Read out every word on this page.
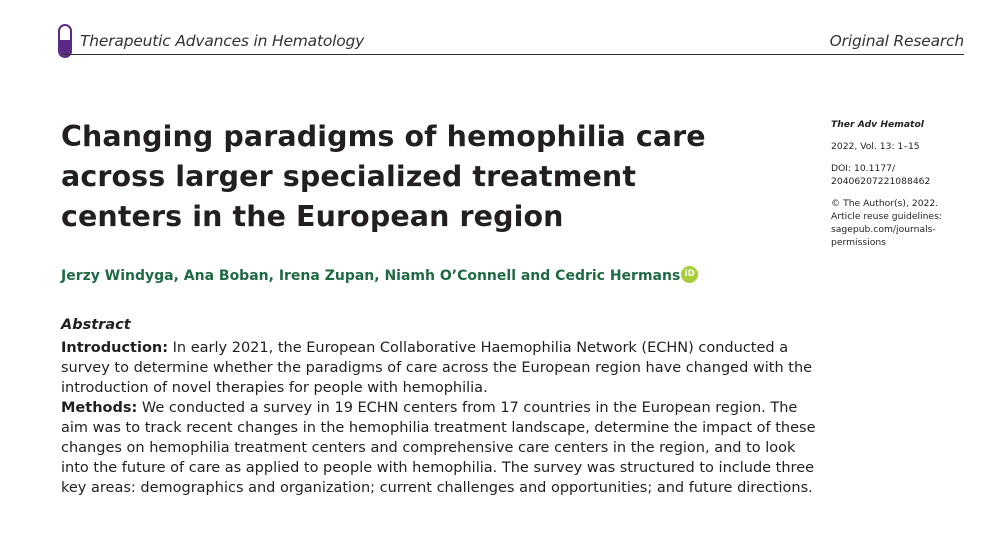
Therapeutic Advances in Hematology	Original Research
Changing paradigms of hemophilia care across larger specialized treatment centers in the European region
Ther Adv Hematol
2022, Vol. 13: 1–15
DOI: 10.1177/
20406207221088462
© The Author(s), 2022.
Article reuse guidelines:
sagepub.com/journals-permissions
Jerzy Windyga, Ana Boban, Irena Zupan, Niamh O’Connell and Cedric Hermans iD
Abstract

Introduction: In early 2021, the European Collaborative Haemophilia Network (ECHN) conducted a survey to determine whether the paradigms of care across the European region have changed with the introduction of novel therapies for people with hemophilia.

Methods: We conducted a survey in 19 ECHN centers from 17 countries in the European region. The aim was to track recent changes in the hemophilia treatment landscape, determine the impact of these changes on hemophilia treatment centers and comprehensive care centers in the region, and to look into the future of care as applied to people with hemophilia. The survey was structured to include three key areas: demographics and organization; current challenges and opportunities; and future directions.
